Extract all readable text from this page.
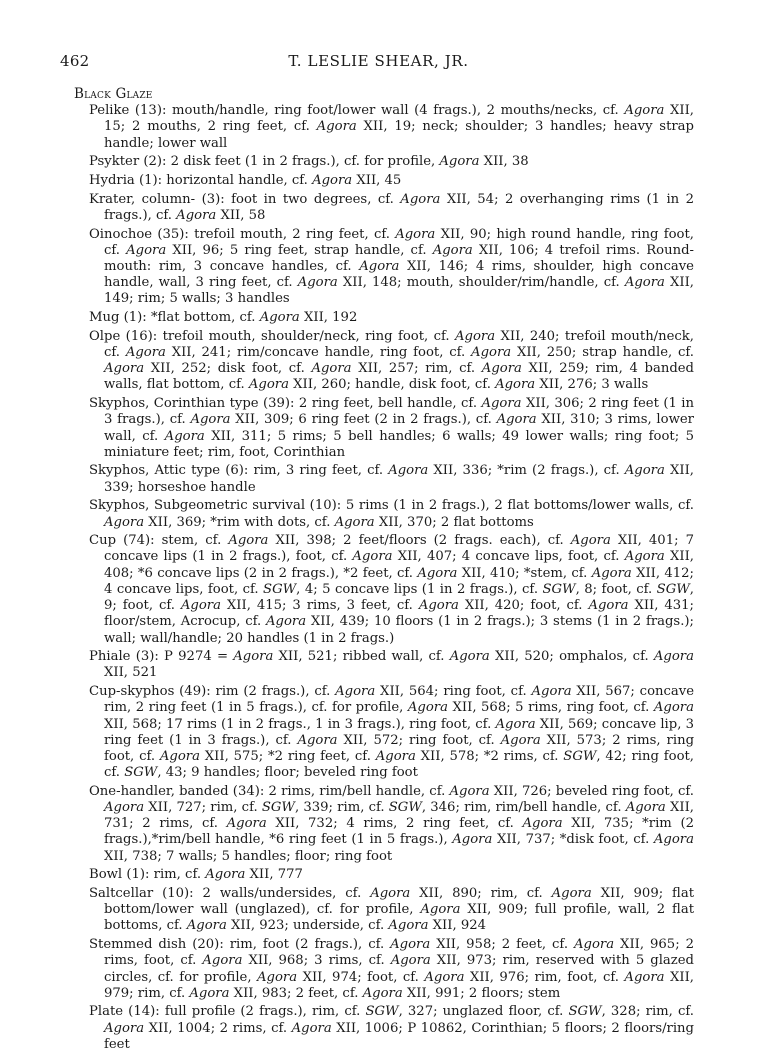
462	T. LESLIE SHEAR, JR.
Black Glaze

Pelike (13): mouth/handle, ring foot/lower wall (4 frags.), 2 mouths/necks, cf. Agora XII, 15; 2 mouths, 2 ring feet, cf. Agora XII, 19; neck; shoulder; 3 handles; heavy strap handle; lower wall

Psykter (2): 2 disk feet (1 in 2 frags.), cf. for profile, Agora XII, 38

Hydria (1): horizontal handle, cf. Agora XII, 45

Krater, column- (3): foot in two degrees, cf. Agora XII, 54; 2 overhanging rims (1 in 2 frags.), cf. Agora XII, 58

Oinochoe (35): trefoil mouth, 2 ring feet, cf. Agora XII, 90; high round handle, ring foot, cf. Agora XII, 96; 5 ring feet, strap handle, cf. Agora XII, 106; 4 trefoil rims. Round-mouth: rim, 3 concave handles, cf. Agora XII, 146; 4 rims, shoulder, high concave handle, wall, 3 ring feet, cf. Agora XII, 148; mouth, shoulder/rim/handle, cf. Agora XII, 149; rim; 5 walls; 3 handles

Mug (1): *flat bottom, cf. Agora XII, 192

Olpe (16): trefoil mouth, shoulder/neck, ring foot, cf. Agora XII, 240; trefoil mouth/neck, cf. Agora XII, 241; rim/concave handle, ring foot, cf. Agora XII, 250; strap handle, cf. Agora XII, 252; disk foot, cf. Agora XII, 257; rim, cf. Agora XII, 259; rim, 4 banded walls, flat bottom, cf. Agora XII, 260; handle, disk foot, cf. Agora XII, 276; 3 walls

Skyphos, Corinthian type (39): 2 ring feet, bell handle, cf. Agora XII, 306; 2 ring feet (1 in 3 frags.), cf. Agora XII, 309; 6 ring feet (2 in 2 frags.), cf. Agora XII, 310; 3 rims, lower wall, cf. Agora XII, 311; 5 rims; 5 bell handles; 6 walls; 49 lower walls; ring foot; 5 miniature feet; rim, foot, Corinthian

Skyphos, Attic type (6): rim, 3 ring feet, cf. Agora XII, 336; *rim (2 frags.), cf. Agora XII, 339; horseshoe handle

Skyphos, Subgeometric survival (10): 5 rims (1 in 2 frags.), 2 flat bottoms/lower walls, cf. Agora XII, 369; *rim with dots, cf. Agora XII, 370; 2 flat bottoms

Cup (74): stem, cf. Agora XII, 398; 2 feet/floors (2 frags. each), cf. Agora XII, 401; 7 concave lips (1 in 2 frags.), foot, cf. Agora XII, 407; 4 concave lips, foot, cf. Agora XII, 408; *6 concave lips (2 in 2 frags.), *2 feet, cf. Agora XII, 410; *stem, cf. Agora XII, 412; 4 concave lips, foot, cf. SGW, 4; 5 concave lips (1 in 2 frags.), cf. SGW, 8; foot, cf. SGW, 9; foot, cf. Agora XII, 415; 3 rims, 3 feet, cf. Agora XII, 420; foot, cf. Agora XII, 431; floor/stem, Acrocup, cf. Agora XII, 439; 10 floors (1 in 2 frags.); 3 stems (1 in 2 frags.); wall; wall/handle; 20 handles (1 in 2 frags.)

Phiale (3): P 9274 = Agora XII, 521; ribbed wall, cf. Agora XII, 520; omphalos, cf. Agora XII, 521

Cup-skyphos (49): rim (2 frags.), cf. Agora XII, 564; ring foot, cf. Agora XII, 567; concave rim, 2 ring feet (1 in 5 frags.), cf. for profile, Agora XII, 568; 5 rims, ring foot, cf. Agora XII, 568; 17 rims (1 in 2 frags., 1 in 3 frags.), ring foot, cf. Agora XII, 569; concave lip, 3 ring feet (1 in 3 frags.), cf. Agora XII, 572; ring foot, cf. Agora XII, 573; 2 rims, ring foot, cf. Agora XII, 575; *2 ring feet, cf. Agora XII, 578; *2 rims, cf. SGW, 42; ring foot, cf. SGW, 43; 9 handles; floor; beveled ring foot

One-handler, banded (34): 2 rims, rim/bell handle, cf. Agora XII, 726; beveled ring foot, cf. Agora XII, 727; rim, cf. SGW, 339; rim, cf. SGW, 346; rim, rim/bell handle, cf. Agora XII, 731; 2 rims, cf. Agora XII, 732; 4 rims, 2 ring feet, cf. Agora XII, 735; *rim (2 frags.),*rim/bell handle, *6 ring feet (1 in 5 frags.), Agora XII, 737; *disk foot, cf. Agora XII, 738; 7 walls; 5 handles; floor; ring foot

Bowl (1): rim, cf. Agora XII, 777

Saltcellar (10): 2 walls/undersides, cf. Agora XII, 890; rim, cf. Agora XII, 909; flat bottom/lower wall (unglazed), cf. for profile, Agora XII, 909; full profile, wall, 2 flat bottoms, cf. Agora XII, 923; underside, cf. Agora XII, 924

Stemmed dish (20): rim, foot (2 frags.), cf. Agora XII, 958; 2 feet, cf. Agora XII, 965; 2 rims, foot, cf. Agora XII, 968; 3 rims, cf. Agora XII, 973; rim, reserved with 5 glazed circles, cf. for profile, Agora XII, 974; foot, cf. Agora XII, 976; rim, foot, cf. Agora XII, 979; rim, cf. Agora XII, 983; 2 feet, cf. Agora XII, 991; 2 floors; stem

Plate (14): full profile (2 frags.), rim, cf. SGW, 327; unglazed floor, cf. SGW, 328; rim, cf. Agora XII, 1004; 2 rims, cf. Agora XII, 1006; P 10862, Corinthian; 5 floors; 2 floors/ring feet
